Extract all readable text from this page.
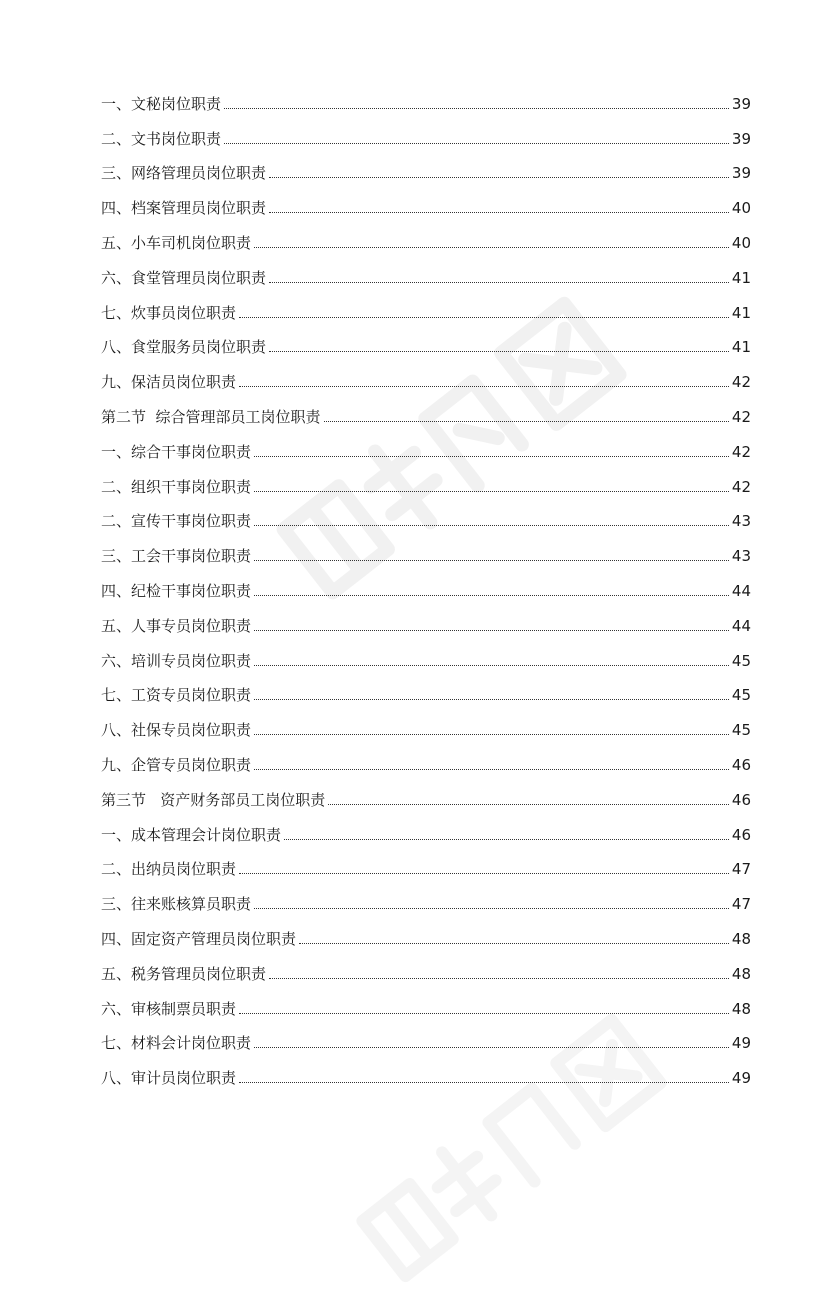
一、文秘岗位职责	39
二、文书岗位职责	39
三、网络管理员岗位职责	39
四、档案管理员岗位职责	40
五、小车司机岗位职责	40
六、食堂管理员岗位职责	41
七、炊事员岗位职责	41
八、食堂服务员岗位职责	41
九、保洁员岗位职责	42
第二节  综合管理部员工岗位职责	42
一、综合干事岗位职责	42
二、组织干事岗位职责	42
二、宣传干事岗位职责	43
三、工会干事岗位职责	43
四、纪检干事岗位职责	44
五、人事专员岗位职责	44
六、培训专员岗位职责	45
七、工资专员岗位职责	45
八、社保专员岗位职责	45
九、企管专员岗位职责	46
第三节   资产财务部员工岗位职责	46
一、成本管理会计岗位职责	46
二、出纳员岗位职责	47
三、往来账核算员职责	47
四、固定资产管理员岗位职责	48
五、税务管理员岗位职责	48
六、审核制票员职责	48
七、材料会计岗位职责	49
八、审计员岗位职责	49
